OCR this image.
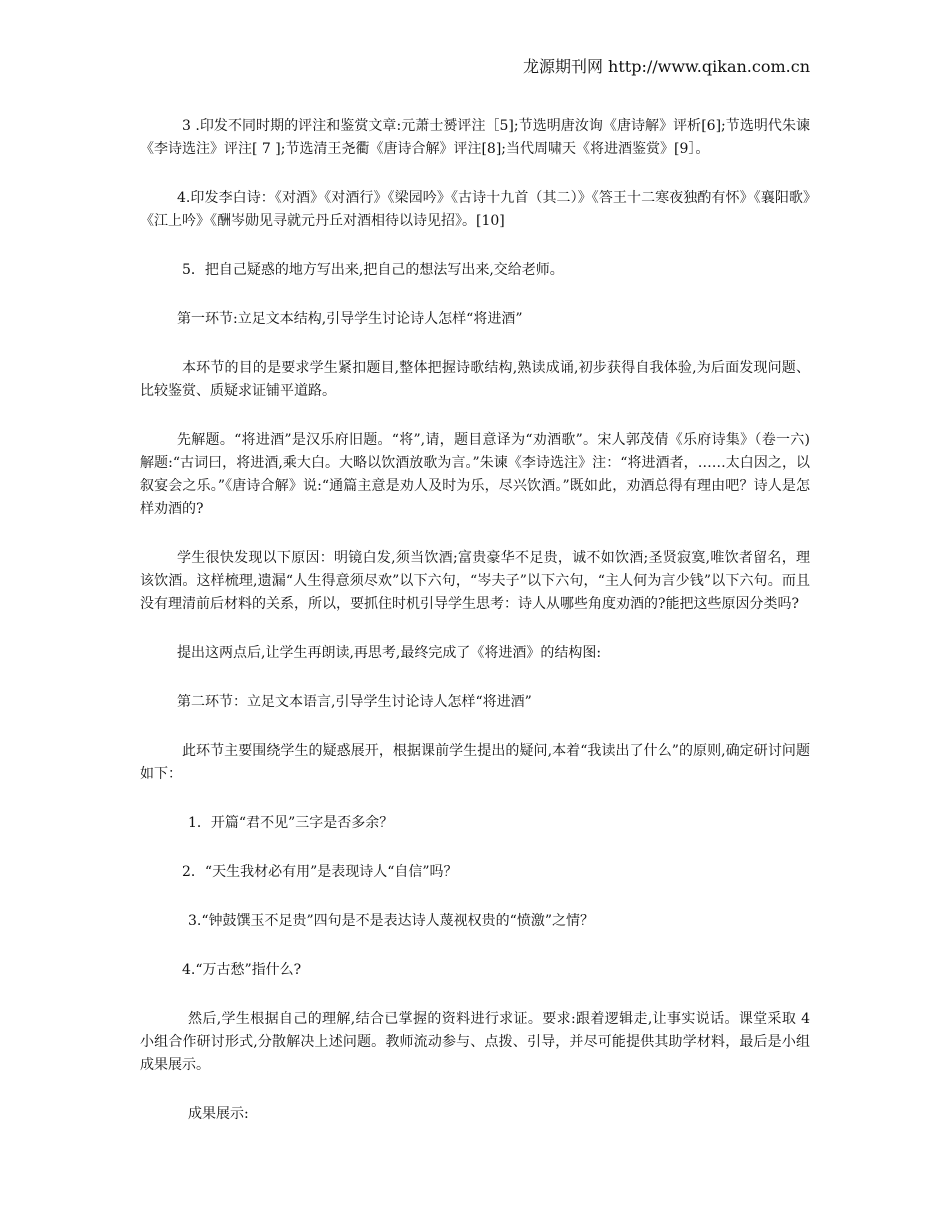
龙源期刊网 http://www.qikan.com.cn

3 .印发不同时期的评注和鉴赏文章:元萧士赟评注［5];节选明唐汝询《唐诗解》评析[6];节选明代朱谏《李诗选注》评注[ 7 ];节选清王尧衢《唐诗合解》评注[8];当代周啸天《将进酒鉴赏》[9］。

4.印发李白诗：《对酒》《对酒行》《梁园吟》《古诗十九首（其二）》《答王十二寒夜独酌有怀》《襄阳歌》《江上吟》《酬岑勋见寻就元丹丘对酒相待以诗见招》。[10]

5．把自己疑惑的地方写出来,把自己的想法写出来,交给老师。

第一环节:立足文本结构,引导学生讨论诗人怎样“将进酒”

本环节的目的是要求学生紧扣题目,整体把握诗歌结构,熟读成诵,初步获得自我体验,为后面发现问题、比较鉴赏、质疑求证铺平道路。

先解题。“将进酒”是汉乐府旧题。“将”,请，题目意译为“劝酒歌”。宋人郭茂倩《乐府诗集》（卷一六)解题:“古词曰，将进酒,乘大白。大略以饮酒放歌为言。”朱谏《李诗选注》注：“将进酒者，……太白因之，以叙宴会之乐。”《唐诗合解》说:“通篇主意是劝人及时为乐，尽兴饮酒。”既如此，劝酒总得有理由吧？诗人是怎样劝酒的?

学生很快发现以下原因：明镜白发,须当饮酒;富贵豪华不足贵，诚不如饮酒;圣贤寂寞,唯饮者留名，理该饮酒。这样梳理,遗漏“人生得意须尽欢”以下六句，“岑夫子”以下六句，“主人何为言少钱”以下六句。而且没有理清前后材料的关系，所以，要抓住时机引导学生思考：诗人从哪些角度劝酒的?能把这些原因分类吗?

提出这两点后,让学生再朗读,再思考,最终完成了《将进酒》的结构图:

第二环节：立足文本语言,引导学生讨论诗人怎样“将进酒”

此环节主要围绕学生的疑惑展开，根据课前学生提出的疑问,本着“我读出了什么”的原则,确定研讨问题如下：

1．开篇“君不见”三字是否多余？

2．“天生我材必有用”是表现诗人“自信”吗？

3.“钟鼓馔玉不足贵”四句是不是表达诗人蔑视权贵的“愤激”之情？

4.“万古愁”指什么?

然后,学生根据自己的理解,结合已掌握的资料进行求证。要求:跟着逻辑走,让事实说话。课堂采取 4 小组合作研讨形式,分散解决上述问题。教师流动参与、点拨、引导，并尽可能提供其助学材料，最后是小组成果展示。

成果展示:
